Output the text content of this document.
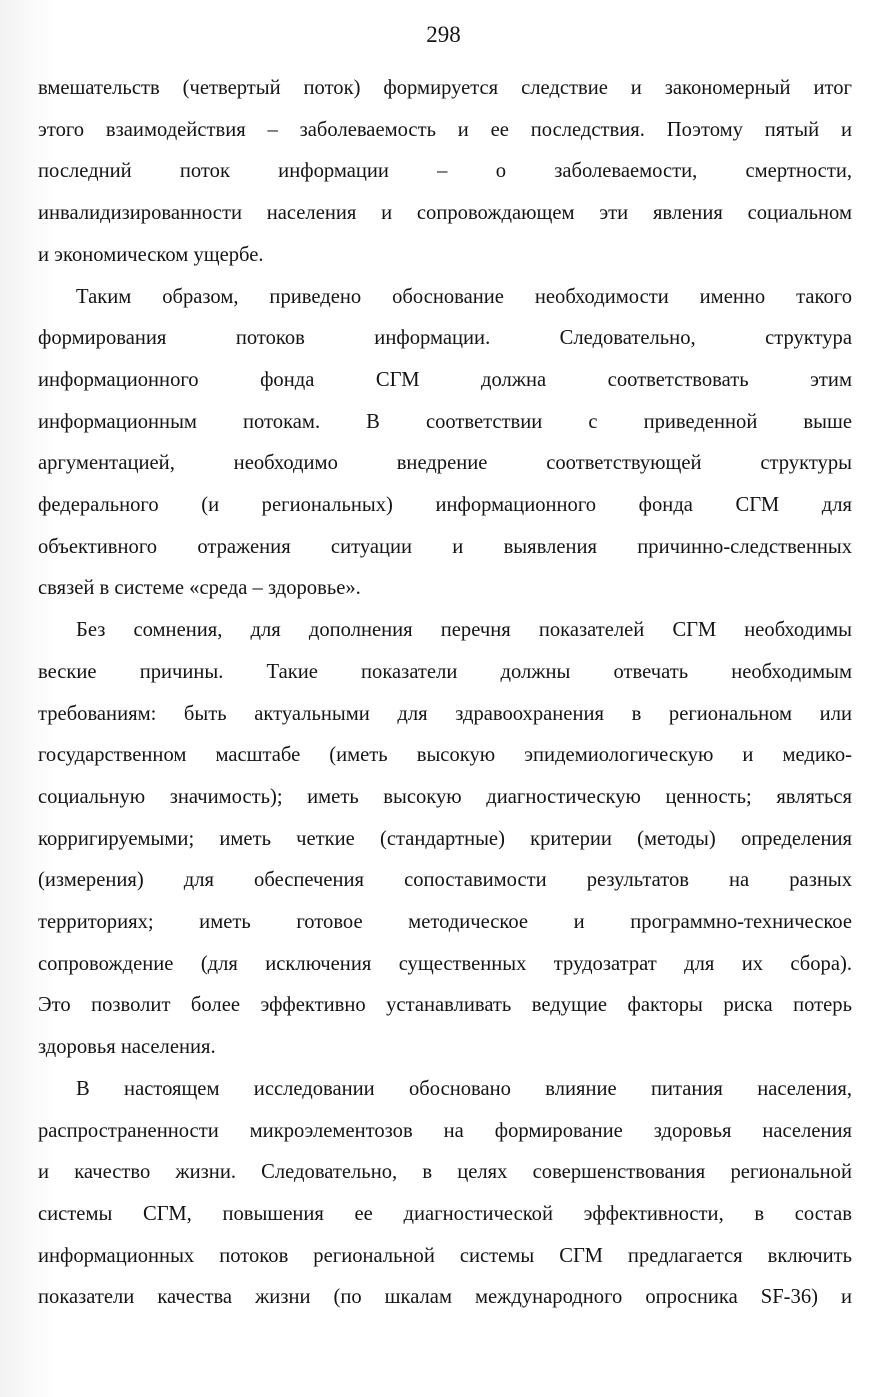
298
вмешательств (четвертый поток) формируется следствие и закономерный итог
этого взаимодействия – заболеваемость и ее последствия. Поэтому пятый и
последний поток информации – о заболеваемости, смертности,
инвалидизированности населения и сопровождающем эти явления социальном
и экономическом ущербе.
Таким образом, приведено обоснование необходимости именно такого
формирования потоков информации. Следовательно, структура
информационного фонда СГМ должна соответствовать этим
информационным потокам. В соответствии с приведенной выше
аргументацией, необходимо внедрение соответствующей структуры
федерального (и региональных) информационного фонда СГМ для
объективного отражения ситуации и выявления причинно-следственных
связей в системе «среда – здоровье».
Без сомнения, для дополнения перечня показателей СГМ необходимы
веские причины. Такие показатели должны отвечать необходимым
требованиям: быть актуальными для здравоохранения в региональном или
государственном масштабе (иметь высокую эпидемиологическую и медико-
социальную значимость); иметь высокую диагностическую ценность; являться
корригируемыми; иметь четкие (стандартные) критерии (методы) определения
(измерения) для обеспечения сопоставимости результатов на разных
территориях; иметь готовое методическое и программно-техническое
сопровождение (для исключения существенных трудозатрат для их сбора).
Это позволит более эффективно устанавливать ведущие факторы риска потерь
здоровья населения.
В настоящем исследовании обосновано влияние питания населения,
распространенности микроэлементозов на формирование здоровья населения
и качество жизни. Следовательно, в целях совершенствования региональной
системы СГМ, повышения ее диагностической эффективности, в состав
информационных потоков региональной системы СГМ предлагается включить
показатели качества жизни (по шкалам международного опросника SF-36) и
